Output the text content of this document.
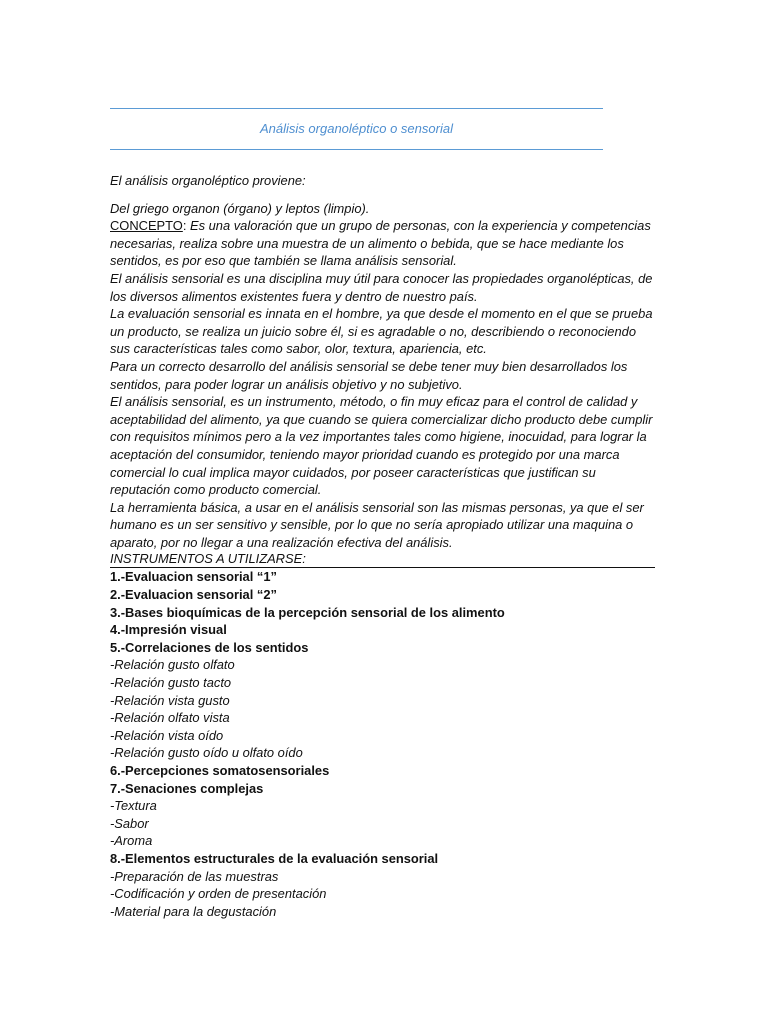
Análisis organoléptico o sensorial

El análisis organoléptico proviene:

Del griego organon (órgano) y leptos (limpio).

CONCEPTO: Es una valoración que un grupo de personas, con la experiencia y competencias necesarias, realiza sobre una muestra de un alimento o bebida, que se hace mediante los sentidos, es por eso que también se llama análisis sensorial.

El análisis sensorial es una disciplina muy útil para conocer las propiedades organolépticas, de los diversos alimentos existentes fuera y dentro de nuestro país.

La evaluación sensorial es innata en el hombre, ya que desde el momento en el que se prueba un producto, se realiza un juicio sobre él, si es agradable o no, describiendo o reconociendo sus características tales como sabor, olor, textura, apariencia, etc.

Para un correcto desarrollo del análisis sensorial se debe tener muy bien desarrollados los sentidos, para poder lograr un análisis objetivo y no subjetivo.

El análisis sensorial, es un instrumento, método, o fin muy eficaz para el control de calidad y aceptabilidad del alimento, ya que cuando se quiera comercializar dicho producto debe cumplir con requisitos mínimos pero a la vez importantes tales como higiene, inocuidad, para lograr la aceptación del consumidor, teniendo mayor prioridad cuando es protegido por una marca comercial lo cual implica mayor cuidados, por poseer características que justifican su reputación como producto comercial.

La herramienta básica, a usar en el análisis sensorial son las mismas personas, ya que el ser humano es un ser sensitivo y sensible, por lo que no sería apropiado utilizar una maquina o aparato, por no llegar a una realización efectiva del análisis.

INSTRUMENTOS A UTILIZARSE:

1.-Evaluacion sensorial “1”

2.-Evaluacion sensorial “2”

3.-Bases bioquímicas de la percepción sensorial de los alimento

4.-Impresión visual

5.-Correlaciones de los sentidos

-Relación gusto olfato

-Relación gusto tacto

-Relación vista gusto

-Relación olfato vista

-Relación vista oído

-Relación gusto oído u olfato oído

6.-Percepciones somatosensoriales

7.-Senaciones complejas

-Textura

-Sabor

-Aroma

8.-Elementos estructurales de la evaluación sensorial

-Preparación de las muestras

-Codificación y orden de presentación

-Material para la degustación
